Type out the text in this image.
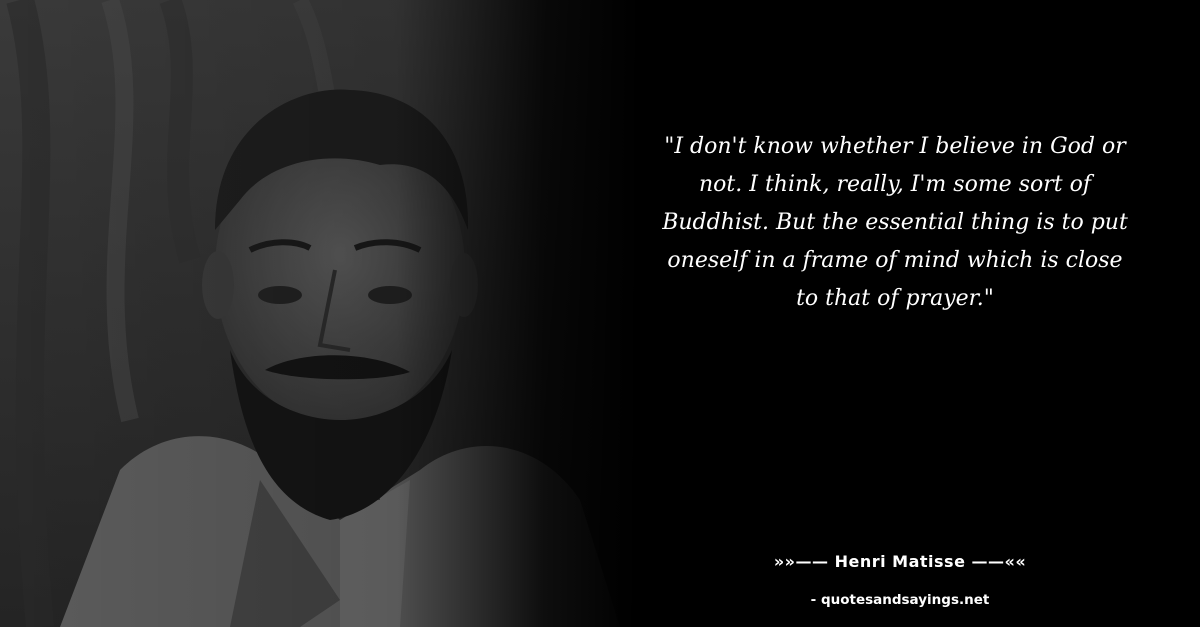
"I don't know whether I believe in God or not. I think, really, I'm some sort of Buddhist. But the essential thing is to put oneself in a frame of mind which is close to that of prayer."

»»—— Henri Matisse ——««
- quotesandsayings.net
